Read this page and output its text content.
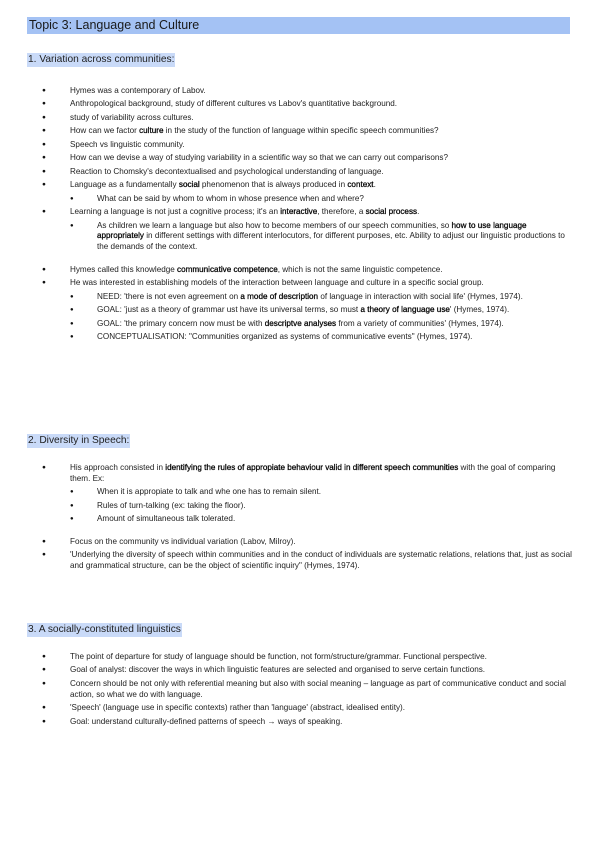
Topic 3: Language and Culture
1. Variation across communities:
●	Hymes was a contemporary of Labov.
●	Anthropological background, study of different cultures vs Labov's quantitative background.
●	study of variability across cultures.
●	How can we factor culture in the study of the function of language within specific speech communities?
●	Speech vs linguistic community.
●	How can we devise a way of studying variability in a scientific way so that we can carry out comparisons?
●	Reaction to Chomsky's decontextualised and psychological understanding of language.
●	Language as a fundamentally social phenomenon that is always produced in context.
●	What can be said by whom to whom in whose presence when and where?
●	Learning a language is not just a cognitive process; it's an interactive, therefore, a social process.
●	As children we learn a language but also how to become members of our speech communities, so how to use language appropriately in different settings with different interlocutors, for different purposes, etc. Ability to adjust our linguistic productions to the demands of the context.
●	Hymes called this knowledge communicative competence, which is not the same linguistic competence.
●	He was interested in establishing models of the interaction between language and culture in a specific social group.
●	NEED: 'there is not even agreement on a mode of description of language in interaction with social life' (Hymes, 1974).
●	GOAL: 'just as a theory of grammar ust have its universal terms, so must a theory of language use' (Hymes, 1974).
●	GOAL: 'the primary concern now must be with descriptve analyses from a variety of communities' (Hymes, 1974).
●	CONCEPTUALISATION: "Communities organized as systems of communicative events" (Hymes, 1974).
2. Diversity in Speech:
●	His approach consisted in identifying the rules of appropiate behaviour valid in different speech communities with the goal of comparing them. Ex:
●	When it is appropiate to talk and whe one has to remain silent.
●	Rules of turn-talking (ex: taking the floor).
●	Amount of simultaneous talk tolerated.
●	Focus on the community vs individual variation (Labov, Milroy).
●	'Underlying the diversity of speech within communities and in the conduct of individuals are systematic relations, relations that, just as social and grammatical structure, can be the object of scientific inquiry" (Hymes, 1974).
3. A socially-constituted linguistics
●	The point of departure for study of language should be function, not form/structure/grammar. Functional perspective.
●	Goal of analyst: discover the ways in which linguistic features are selected and organised to serve certain functions.
●	Concern should be not only with referential meaning but also with social meaning – language as part of communicative conduct and social action, so what we do with language.
●	'Speech' (language use in specific contexts) rather than 'language' (abstract, idealised entity).
●	Goal: understand culturally-defined patterns of speech → ways of speaking.
